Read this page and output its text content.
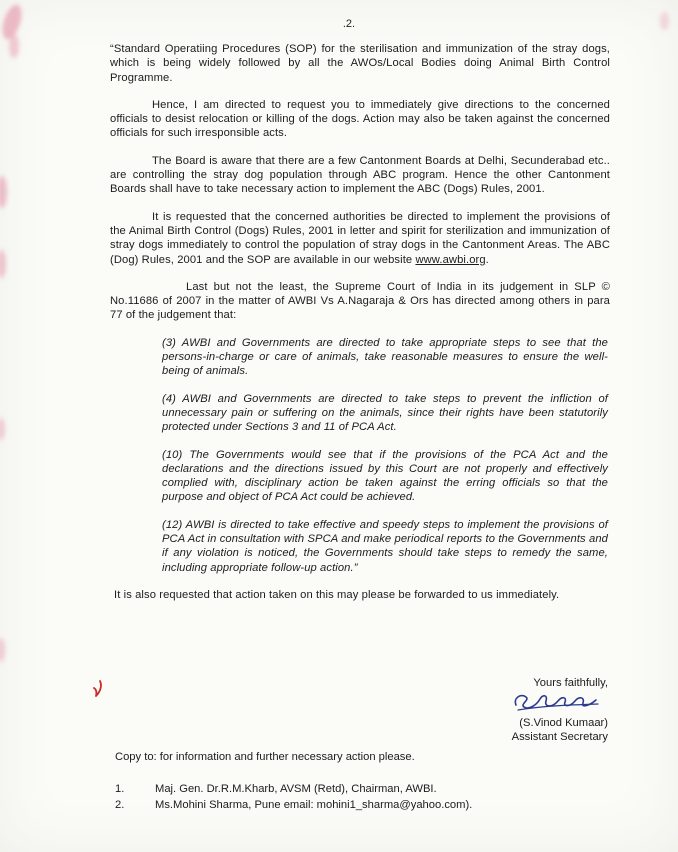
.2.

“Standard Operatiing Procedures (SOP) for the sterilisation and immunization of the stray dogs, which is being widely followed by all the AWOs/Local Bodies doing Animal Birth Control Programme.

Hence, I am directed to request you to immediately give directions to the concerned officials to desist relocation or killing of the dogs. Action may also be taken against the concerned officials for such irresponsible acts.

The Board is aware that there are a few Cantonment Boards at Delhi, Secunderabad etc.. are controlling the stray dog population through ABC program. Hence the other Cantonment Boards shall have to take necessary action to implement the ABC (Dogs) Rules, 2001.

It is requested that the concerned authorities be directed to implement the provisions of the Animal Birth Control (Dogs) Rules, 2001 in letter and spirit for sterilization and immunization of stray dogs immediately to control the population of stray dogs in the Cantonment Areas. The ABC (Dog) Rules, 2001 and the SOP are available in our website www.awbi.org.

Last but not the least, the Supreme Court of India in its judgement in SLP © No.11686 of 2007 in the matter of AWBI Vs A.Nagaraja & Ors has directed among others in para 77 of the judgement that:

(3) AWBI and Governments are directed to take appropriate steps to see that the persons-in-charge or care of animals, take reasonable measures to ensure the well-being of animals.

(4) AWBI and Governments are directed to take steps to prevent the infliction of unnecessary pain or suffering on the animals, since their rights have been statutorily protected under Sections 3 and 11 of PCA Act.

(10) The Governments would see that if the provisions of the PCA Act and the declarations and the directions issued by this Court are not properly and effectively complied with, disciplinary action be taken against the erring officials so that the purpose and object of PCA Act could be achieved.

(12) AWBI is directed to take effective and speedy steps to implement the provisions of PCA Act in consultation with SPCA and make periodical reports to the Governments and if any violation is noticed, the Governments should take steps to remedy the same, including appropriate follow-up action.”

It is also requested that action taken on this may please be forwarded to us immediately.

Yours faithfully,
(S.Vinod Kumaar)
Assistant Secretary

Copy to: for information and further necessary action please.

1.	Maj. Gen. Dr.R.M.Kharb, AVSM (Retd), Chairman, AWBI.
2.	Ms.Mohini Sharma, Pune email: mohini1_sharma@yahoo.com).
